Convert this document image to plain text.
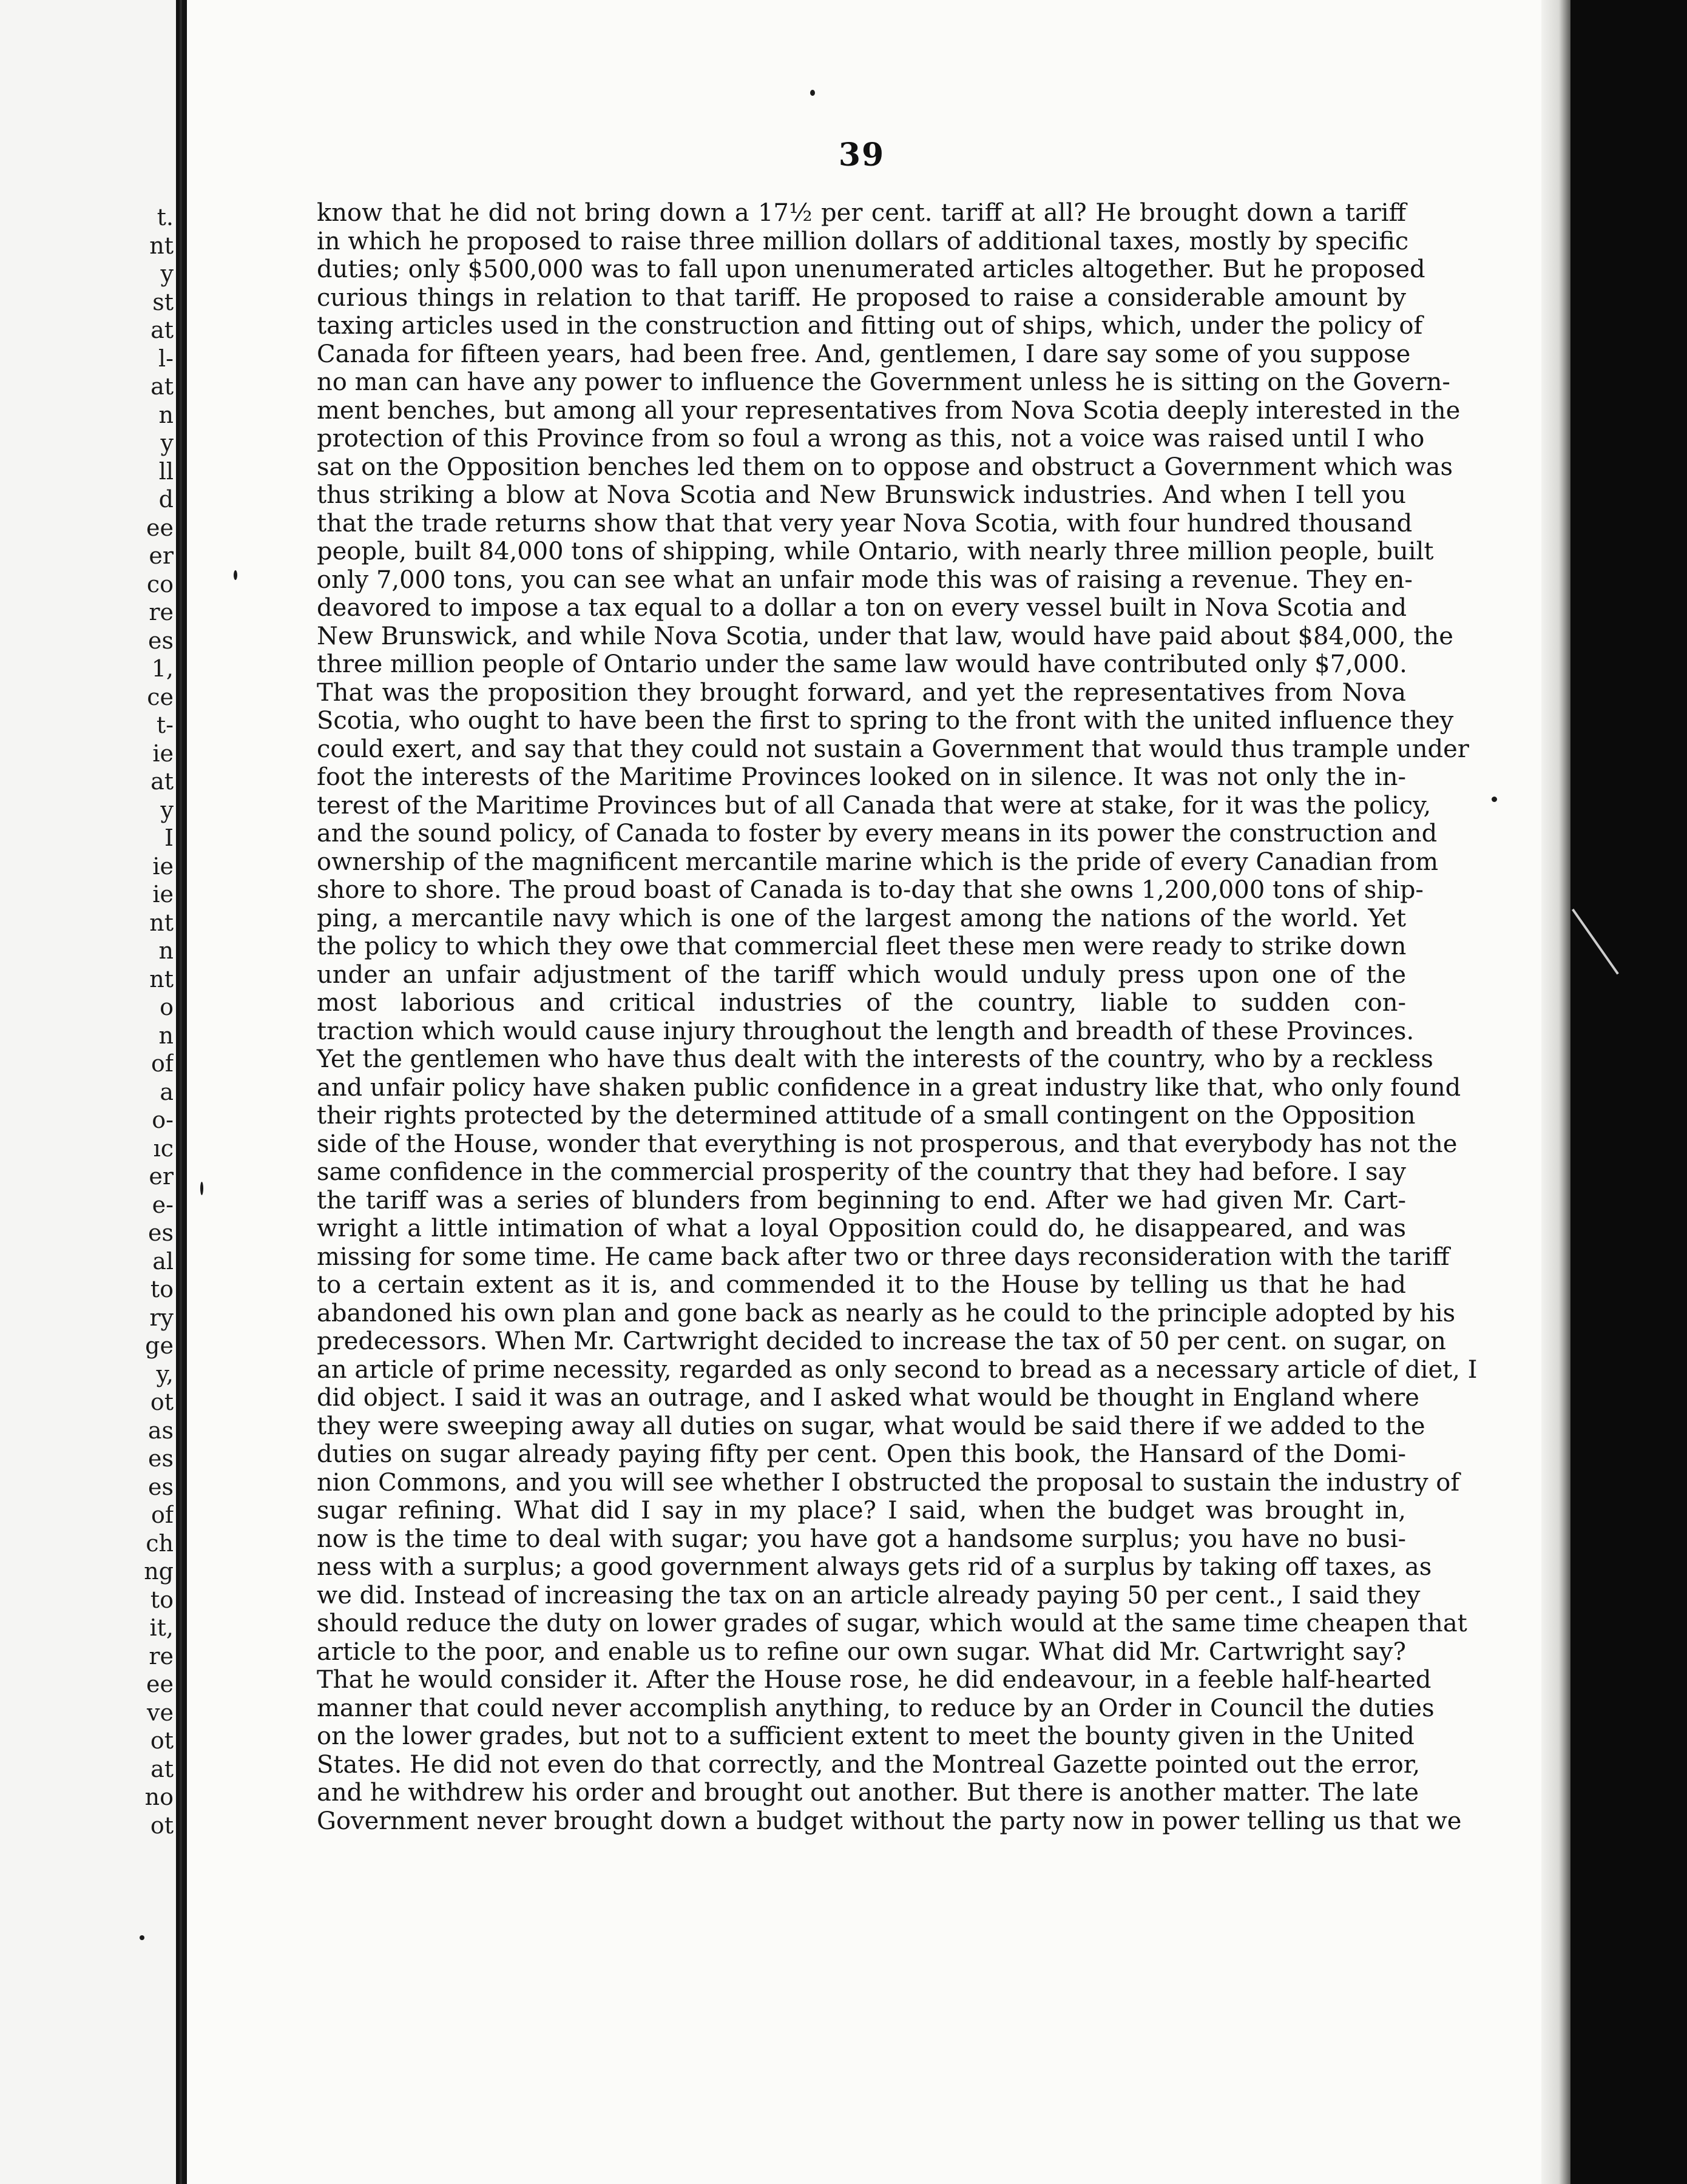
t.
nt
y
st
at
l-
at
n
y
ll
d
ee
er
co
re
es
1,
ce
t-
ie
at
y
I
ie
ie
nt
n
nt
o
n
of
a
o-
ıc
er
e-
es
al
to
ry
ge
y,
ot
as
es
es
of
ch
ng
to
it,
re
ee
ve
ot
at
no
ot
39
know that he did not bring down a 17½ per cent. tariff at all? He brought down a tariff
in which he proposed to raise three million dollars of additional taxes, mostly by specific
duties; only $500,000 was to fall upon unenumerated articles altogether. But he proposed
curious things in relation to that tariff. He proposed to raise a considerable amount by
taxing articles used in the construction and fitting out of ships, which, under the policy of
Canada for fifteen years, had been free. And, gentlemen, I dare say some of you suppose
no man can have any power to influence the Government unless he is sitting on the Govern-
ment benches, but among all your representatives from Nova Scotia deeply interested in the
protection of this Province from so foul a wrong as this, not a voice was raised until I who
sat on the Opposition benches led them on to oppose and obstruct a Government which was
thus striking a blow at Nova Scotia and New Brunswick industries. And when I tell you
that the trade returns show that that very year Nova Scotia, with four hundred thousand
people, built 84,000 tons of shipping, while Ontario, with nearly three million people, built
only 7,000 tons, you can see what an unfair mode this was of raising a revenue. They en-
deavored to impose a tax equal to a dollar a ton on every vessel built in Nova Scotia and
New Brunswick, and while Nova Scotia, under that law, would have paid about $84,000, the
three million people of Ontario under the same law would have contributed only $7,000.
That was the proposition they brought forward, and yet the representatives from Nova
Scotia, who ought to have been the first to spring to the front with the united influence they
could exert, and say that they could not sustain a Government that would thus trample under
foot the interests of the Maritime Provinces looked on in silence. It was not only the in-
terest of the Maritime Provinces but of all Canada that were at stake, for it was the policy,
and the sound policy, of Canada to foster by every means in its power the construction and
ownership of the magnificent mercantile marine which is the pride of every Canadian from
shore to shore. The proud boast of Canada is to-day that she owns 1,200,000 tons of ship-
ping, a mercantile navy which is one of the largest among the nations of the world. Yet
the policy to which they owe that commercial fleet these men were ready to strike down
under an unfair adjustment of the tariff which would unduly press upon one of the
most laborious and critical industries of the country, liable to sudden con-
traction which would cause injury throughout the length and breadth of these Provinces.
Yet the gentlemen who have thus dealt with the interests of the country, who by a reckless
and unfair policy have shaken public confidence in a great industry like that, who only found
their rights protected by the determined attitude of a small contingent on the Opposition
side of the House, wonder that everything is not prosperous, and that everybody has not the
same confidence in the commercial prosperity of the country that they had before. I say
the tariff was a series of blunders from beginning to end. After we had given Mr. Cart-
wright a little intimation of what a loyal Opposition could do, he disappeared, and was
missing for some time. He came back after two or three days reconsideration with the tariff
to a certain extent as it is, and commended it to the House by telling us that he had
abandoned his own plan and gone back as nearly as he could to the principle adopted by his
predecessors. When Mr. Cartwright decided to increase the tax of 50 per cent. on sugar, on
an article of prime necessity, regarded as only second to bread as a necessary article of diet, I
did object. I said it was an outrage, and I asked what would be thought in England where
they were sweeping away all duties on sugar, what would be said there if we added to the
duties on sugar already paying fifty per cent. Open this book, the Hansard of the Domi-
nion Commons, and you will see whether I obstructed the proposal to sustain the industry of
sugar refining. What did I say in my place? I said, when the budget was brought in,
now is the time to deal with sugar; you have got a handsome surplus; you have no busi-
ness with a surplus; a good government always gets rid of a surplus by taking off taxes, as
we did. Instead of increasing the tax on an article already paying 50 per cent., I said they
should reduce the duty on lower grades of sugar, which would at the same time cheapen that
article to the poor, and enable us to refine our own sugar. What did Mr. Cartwright say?
That he would consider it. After the House rose, he did endeavour, in a feeble half-hearted
manner that could never accomplish anything, to reduce by an Order in Council the duties
on the lower grades, but not to a sufficient extent to meet the bounty given in the United
States. He did not even do that correctly, and the Montreal Gazette pointed out the error,
and he withdrew his order and brought out another. But there is another matter. The late
Government never brought down a budget without the party now in power telling us that we
